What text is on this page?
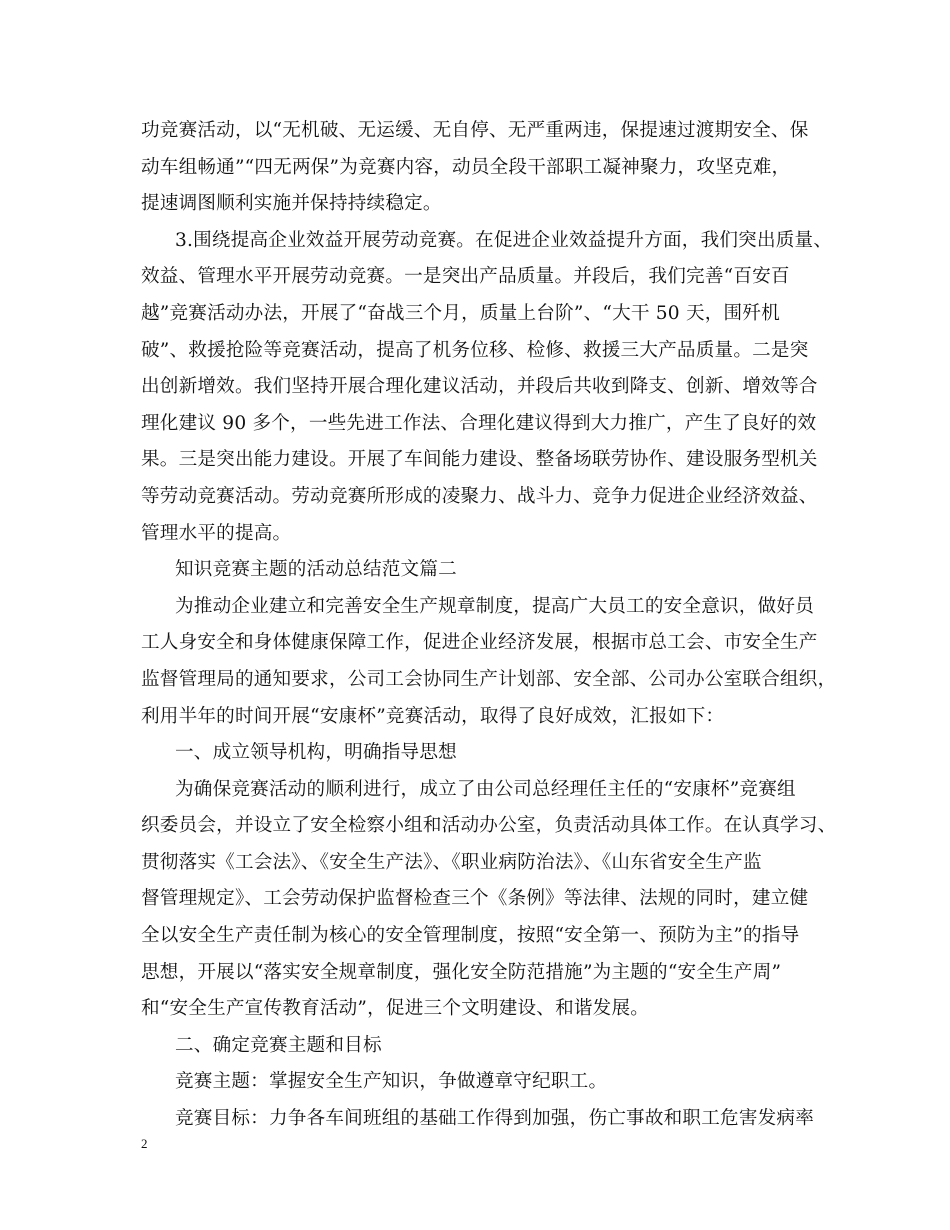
功竞赛活动，以“无机破、无运缓、无自停、无严重两违，保提速过渡期安全、保
动车组畅通”“四无两保”为竞赛内容，动员全段干部职工凝神聚力，攻坚克难，
提速调图顺利实施并保持持续稳定。
3.围绕提高企业效益开展劳动竞赛。在促进企业效益提升方面，我们突出质量、
效益、管理水平开展劳动竞赛。一是突出产品质量。并段后，我们完善“百安百
越”竞赛活动办法，开展了“奋战三个月，质量上台阶”、“大干 50 天，围歼机
破”、救援抢险等竞赛活动，提高了机务位移、检修、救援三大产品质量。二是突
出创新增效。我们坚持开展合理化建议活动，并段后共收到降支、创新、增效等合
理化建议 90 多个，一些先进工作法、合理化建议得到大力推广，产生了良好的效
果。三是突出能力建设。开展了车间能力建设、整备场联劳协作、建设服务型机关
等劳动竞赛活动。劳动竞赛所形成的凌聚力、战斗力、竞争力促进企业经济效益、
管理水平的提高。
知识竞赛主题的活动总结范文篇二
为推动企业建立和完善安全生产规章制度，提高广大员工的安全意识，做好员
工人身安全和身体健康保障工作，促进企业经济发展，根据市总工会、市安全生产
监督管理局的通知要求，公司工会协同生产计划部、安全部、公司办公室联合组织，
利用半年的时间开展“安康杯”竞赛活动，取得了良好成效，汇报如下：
一、成立领导机构，明确指导思想
为确保竞赛活动的顺利进行，成立了由公司总经理任主任的“安康杯”竞赛组
织委员会，并设立了安全检察小组和活动办公室，负责活动具体工作。在认真学习、
贯彻落实《工会法》、《安全生产法》、《职业病防治法》、《山东省安全生产监
督管理规定》、工会劳动保护监督检查三个《条例》等法律、法规的同时，建立健
全以安全生产责任制为核心的安全管理制度，按照“安全第一、预防为主”的指导
思想，开展以“落实安全规章制度，强化安全防范措施”为主题的“安全生产周”
和“安全生产宣传教育活动”，促进三个文明建设、和谐发展。
二、确定竞赛主题和目标
竞赛主题：掌握安全生产知识，争做遵章守纪职工。
竞赛目标：力争各车间班组的基础工作得到加强，伤亡事故和职工危害发病率
2
